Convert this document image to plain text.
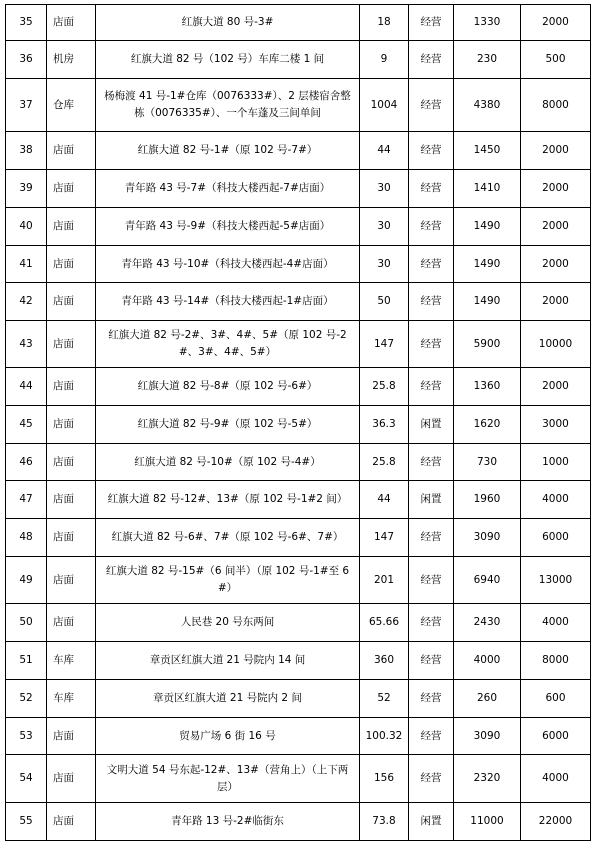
35	店面	红旗大道 80 号-3#	18	经营	1330	2000
36	机房	红旗大道 82 号（102 号）车库二楼 1 间	9	经营	230	500
37	仓库	杨梅渡 41 号-1#仓库（0076333#）、2 层楼宿舍整栋（0076335#）、一个车蓬及三间单间	1004	经营	4380	8000
38	店面	红旗大道 82 号-1#（原 102 号-7#）	44	经营	1450	2000
39	店面	青年路 43 号-7#（科技大楼西起-7#店面）	30	经营	1410	2000
40	店面	青年路 43 号-9#（科技大楼西起-5#店面）	30	经营	1490	2000
41	店面	青年路 43 号-10#（科技大楼西起-4#店面）	30	经营	1490	2000
42	店面	青年路 43 号-14#（科技大楼西起-1#店面）	50	经营	1490	2000
43	店面	红旗大道 82 号-2#、3#、4#、5#（原 102 号-2#、3#、4#、5#）	147	经营	5900	10000
44	店面	红旗大道 82 号-8#（原 102 号-6#）	25.8	经营	1360	2000
45	店面	红旗大道 82 号-9#（原 102 号-5#）	36.3	闲置	1620	3000
46	店面	红旗大道 82 号-10#（原 102 号-4#）	25.8	经营	730	1000
47	店面	红旗大道 82 号-12#、13#（原 102 号-1#2 间）	44	闲置	1960	4000
48	店面	红旗大道 82 号-6#、7#（原 102 号-6#、7#）	147	经营	3090	6000
49	店面	红旗大道 82 号-15#（6 间半）（原 102 号-1#至 6#）	201	经营	6940	13000
50	店面	人民巷 20 号东两间	65.66	经营	2430	4000
51	车库	章贡区红旗大道 21 号院内 14 间	360	经营	4000	8000
52	车库	章贡区红旗大道 21 号院内 2 间	52	经营	260	600
53	店面	贸易广场 6 街 16 号	100.32	经营	3090	6000
54	店面	文明大道 54 号东起-12#、13#（营角上）（上下两层）	156	经营	2320	4000
55	店面	青年路 13 号-2#临街东	73.8	闲置	11000	22000
